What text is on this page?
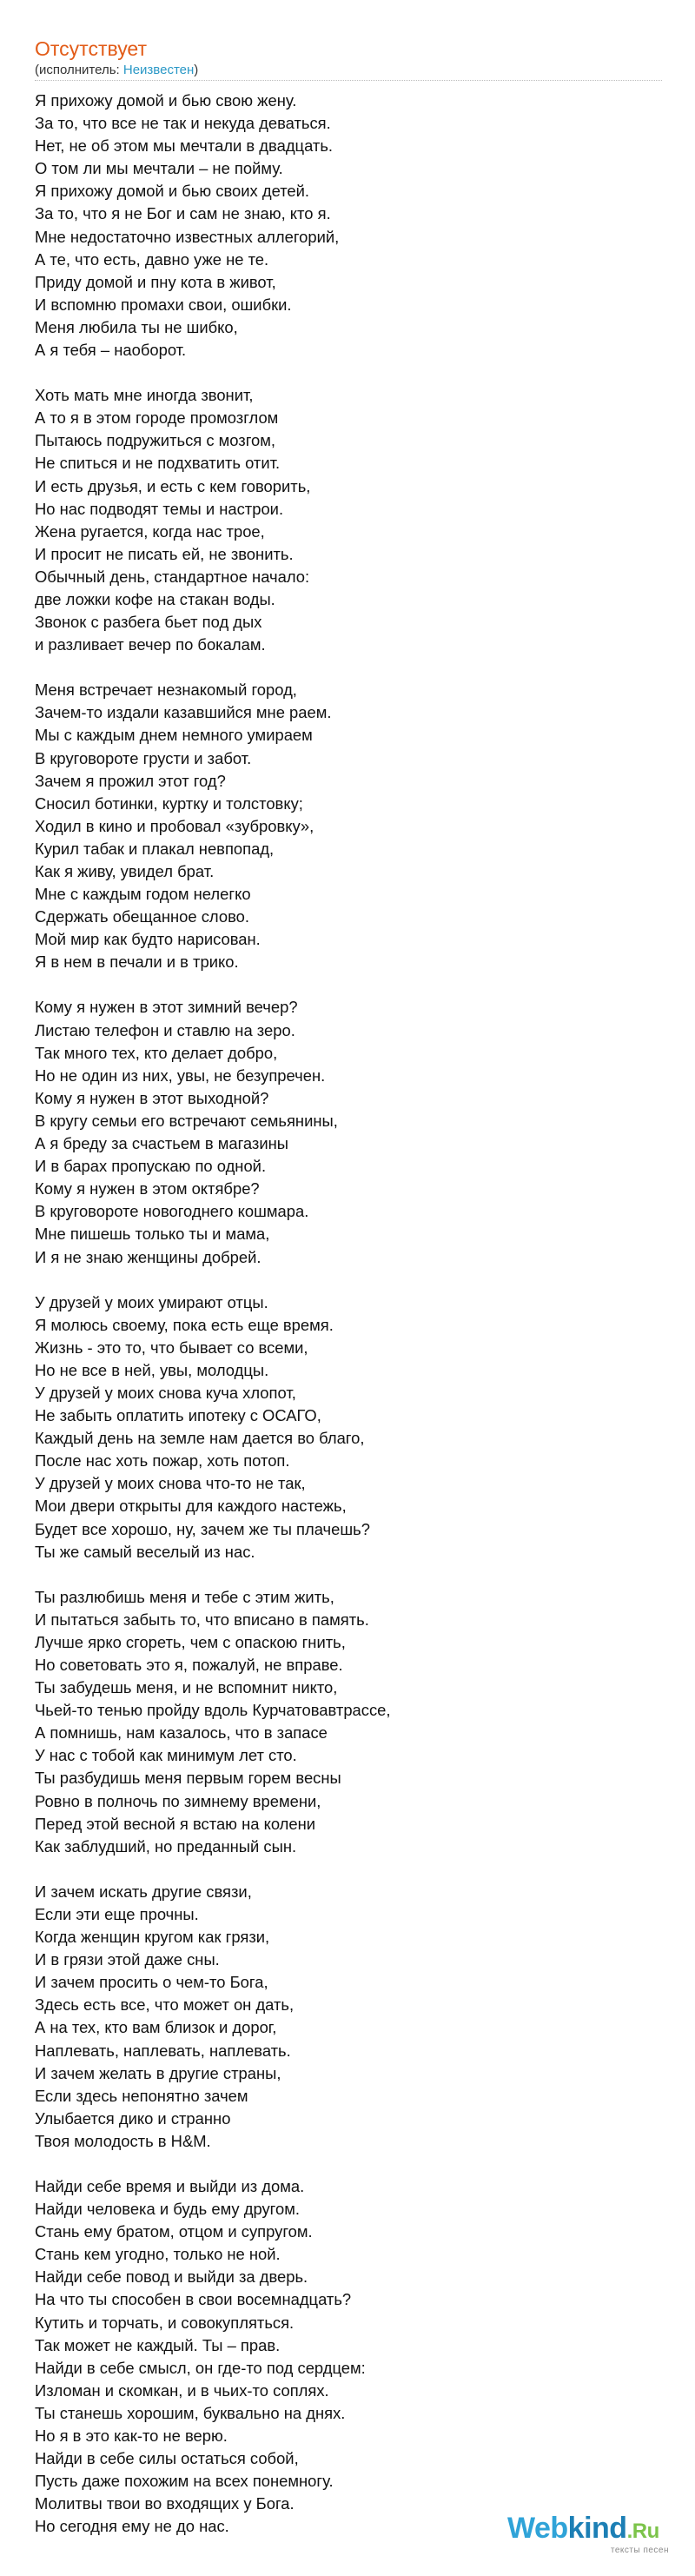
Отсутствует
(исполнитель: Неизвестен)
Я прихожу домой и бью свою жену.
За то, что все не так и некуда деваться.
Нет, не об этом мы мечтали в двадцать.
О том ли мы мечтали – не пойму.
Я прихожу домой и бью своих детей.
За то, что я не Бог и сам не знаю, кто я.
Мне недостаточно известных аллегорий,
А те, что есть, давно уже не те.
Приду домой и пну кота в живот,
И вспомню промахи свои, ошибки.
Меня любила ты не шибко,
А я тебя – наоборот.
Хоть мать мне иногда звонит,
А то я в этом городе промозглом
Пытаюсь подружиться с мозгом,
Не спиться и не подхватить отит.
И есть друзья, и есть с кем говорить,
Но нас подводят темы и настрои.
Жена ругается, когда нас трое,
И просит не писать ей, не звонить.
Обычный день, стандартное начало:
две ложки кофе на стакан воды.
Звонок с разбега бьет под дых
и разливает вечер по бокалам.
Меня встречает незнакомый город,
Зачем-то издали казавшийся мне раем.
Мы с каждым днем немного умираем
В круговороте грусти и забот.
Зачем я прожил этот год?
Сносил ботинки, куртку и толстовку;
Ходил в кино и пробовал «зубровку»,
Курил табак и плакал невпопад,
Как я живу, увидел брат.
Мне с каждым годом нелегко
Сдержать обещанное слово.
Мой мир как будто нарисован.
Я в нем в печали и в трико.
Кому я нужен в этот зимний вечер?
Листаю телефон и ставлю на зеро.
Так много тех, кто делает добро,
Но не один из них, увы, не безупречен.
Кому я нужен в этот выходной?
В кругу семьи его встречают семьянины,
А я бреду за счастьем в магазины
И в барах пропускаю по одной.
Кому я нужен в этом октябре?
В круговороте новогоднего кошмара.
Мне пишешь только ты и мама,
И я не знаю женщины добрей.
У друзей у моих умирают отцы.
Я молюсь своему, пока есть еще время.
Жизнь - это то, что бывает со всеми,
Но не все в ней, увы, молодцы.
У друзей у моих снова куча хлопот,
Не забыть оплатить ипотеку с ОСАГО,
Каждый день на земле нам дается во благо,
После нас хоть пожар, хоть потоп.
У друзей у моих снова что-то не так,
Мои двери открыты для каждого настежь,
Будет все хорошо, ну, зачем же ты плачешь?
Ты же самый веселый из нас.
Ты разлюбишь меня и тебе с этим жить,
И пытаться забыть то, что вписано в память.
Лучше ярко сгореть, чем с опаскою гнить,
Но советовать это я, пожалуй, не вправе.
Ты забудешь меня, и не вспомнит никто,
Чьей-то тенью пройду вдоль Курчатовавтрассе,
А помнишь, нам казалось, что в запасе
У нас с тобой как минимум лет сто.
Ты разбудишь меня первым горем весны
Ровно в полночь по зимнему времени,
Перед этой весной я встаю на колени
Как заблудший, но преданный сын.
И зачем искать другие связи,
Если эти еще прочны.
Когда женщин кругом как грязи,
И в грязи этой даже сны.
И зачем просить о чем-то Бога,
Здесь есть все, что может он дать,
А на тех, кто вам близок и дорог,
Наплевать, наплевать, наплевать.
И зачем желать в другие страны,
Если здесь непонятно зачем
Улыбается дико и странно
Твоя молодость в H&M.
Найди себе время и выйди из дома.
Найди человека и будь ему другом.
Стань ему братом, отцом и супругом.
Стань кем угодно, только не ной.
Найди себе повод и выйди за дверь.
На что ты способен в свои восемнадцать?
Кутить и торчать, и совокупляться.
Так может не каждый. Ты – прав.
Найди в себе смысл, он где-то под сердцем:
Изломан и скомкан, и в чьих-то соплях.
Ты станешь хорошим, буквально на днях.
Но я в это как-то не верю.
Найди в себе силы остаться собой,
Пусть даже похожим на всех понемногу.
Молитвы твои во входящих у Бога.
Но сегодня ему не до нас.	Webkind.Ru
тексты песен
